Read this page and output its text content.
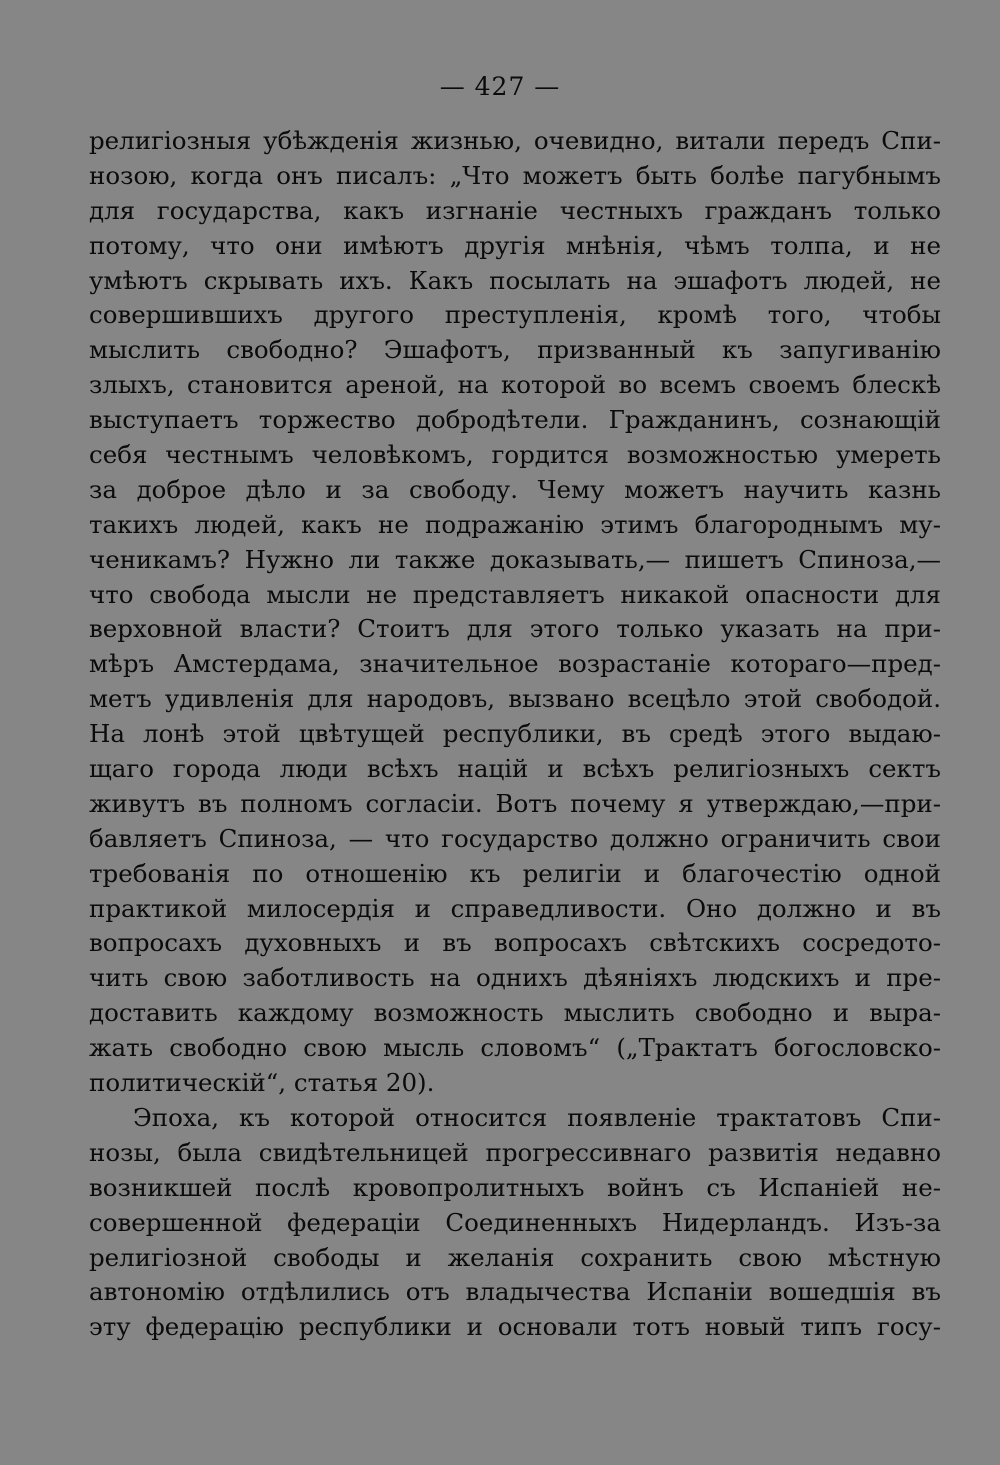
— 427 —
религіозныя убѣжденія жизнью, очевидно, витали передъ Спи-
нозою, когда онъ писалъ: „Что можетъ быть болѣе пагубнымъ
для государства, какъ изгнаніе честныхъ гражданъ только
потому, что они имѣютъ другія мнѣнія, чѣмъ толпа, и не
умѣютъ скрывать ихъ. Какъ посылать на эшафотъ людей, не
совершившихъ другого преступленія, кромѣ того, чтобы
мыслить свободно? Эшафотъ, призванный къ запугиванію
злыхъ, становится ареной, на которой во всемъ своемъ блескѣ
выступаетъ торжество добродѣтели. Гражданинъ, сознающій
себя честнымъ человѣкомъ, гордится возможностью умереть
за доброе дѣло и за свободу. Чему можетъ научить казнь
такихъ людей, какъ не подражанію этимъ благороднымъ му-
ченикамъ? Нужно ли также доказывать,— пишетъ Спиноза,—
что свобода мысли не представляетъ никакой опасности для
верховной власти? Стоитъ для этого только указать на при-
мѣръ Амстердама, значительное возрастаніе котораго—пред-
метъ удивленія для народовъ, вызвано всецѣло этой свободой.
На лонѣ этой цвѣтущей республики, въ средѣ этого выдаю-
щаго города люди всѣхъ націй и всѣхъ религіозныхъ сектъ
живутъ въ полномъ согласіи. Вотъ почему я утверждаю,—при-
бавляетъ Спиноза, — что государство должно ограничить свои
требованія по отношенію къ религіи и благочестію одной
практикой милосердія и справедливости. Оно должно и въ
вопросахъ духовныхъ и въ вопросахъ свѣтскихъ сосредото-
чить свою заботливость на однихъ дѣяніяхъ людскихъ и пре-
доставить каждому возможность мыслить свободно и выра-
жать свободно свою мысль словомъ“ („Трактатъ богословско-
политическій“, статья 20).
Эпоха, къ которой относится появленіе трактатовъ Спи-
нозы, была свидѣтельницей прогрессивнаго развитія недавно
возникшей послѣ кровопролитныхъ войнъ съ Испаніей не-
совершенной федераціи Соединенныхъ Нидерландъ. Изъ-за
религіозной свободы и желанія сохранить свою мѣстную
автономію отдѣлились отъ владычества Испаніи вошедшія въ
эту федерацію республики и основали тотъ новый типъ госу-
